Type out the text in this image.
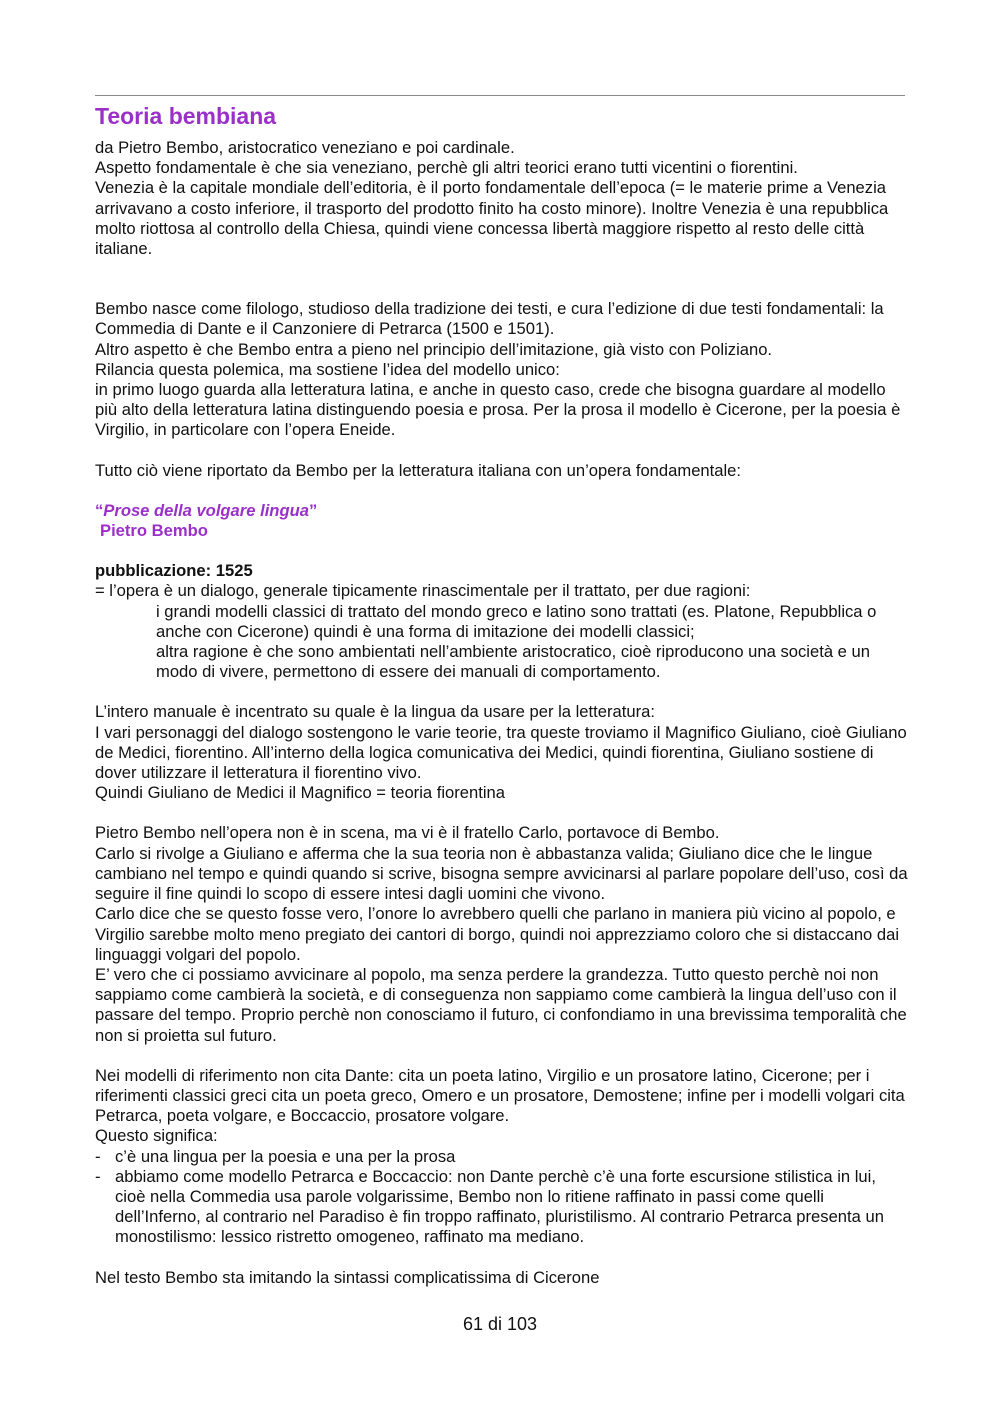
Teoria bembiana

da Pietro Bembo, aristocratico veneziano e poi cardinale.

Aspetto fondamentale è che sia veneziano, perchè gli altri teorici erano tutti vicentini o fiorentini.

Venezia è la capitale mondiale dell’editoria, è il porto fondamentale dell’epoca (= le materie prime a Venezia arrivavano a costo inferiore, il trasporto del prodotto finito ha costo minore). Inoltre Venezia è una repubblica molto riottosa al controllo della Chiesa, quindi viene concessa libertà maggiore rispetto al resto delle città italiane.

Bembo nasce come filologo, studioso della tradizione dei testi, e cura l’edizione di due testi fondamentali: la Commedia di Dante e il Canzoniere di Petrarca (1500 e 1501).

Altro aspetto è che Bembo entra a pieno nel principio dell’imitazione, già visto con Poliziano.

Rilancia questa polemica, ma sostiene l’idea del modello unico:

in primo luogo guarda alla letteratura latina, e anche in questo caso, crede che bisogna guardare al modello più alto della letteratura latina distinguendo poesia e prosa. Per la prosa il modello è Cicerone, per la poesia è Virgilio, in particolare con l’opera Eneide.

Tutto ciò viene riportato da Bembo per la letteratura italiana con un’opera fondamentale:

“Prose della volgare lingua”

Pietro Bembo

pubblicazione: 1525

= l’opera è un dialogo, generale tipicamente rinascimentale per il trattato, per due ragioni:

i grandi modelli classici di trattato del mondo greco e latino sono trattati (es. Platone, Repubblica o anche con Cicerone) quindi è una forma di imitazione dei modelli classici;

altra ragione è che sono ambientati nell’ambiente aristocratico, cioè riproducono una società e un modo di vivere, permettono di essere dei manuali di comportamento.

L’intero manuale è incentrato su quale è la lingua da usare per la letteratura:

I vari personaggi del dialogo sostengono le varie teorie, tra queste troviamo il Magnifico Giuliano, cioè Giuliano de Medici, fiorentino. All’interno della logica comunicativa dei Medici, quindi fiorentina, Giuliano sostiene di dover utilizzare il letteratura il fiorentino vivo.

Quindi Giuliano de Medici il Magnifico = teoria fiorentina

Pietro Bembo nell’opera non è in scena, ma vi è il fratello Carlo, portavoce di Bembo.

Carlo si rivolge a Giuliano e afferma che la sua teoria non è abbastanza valida; Giuliano dice che le lingue cambiano nel tempo e quindi quando si scrive, bisogna sempre avvicinarsi al parlare popolare dell’uso, così da seguire il fine quindi lo scopo di essere intesi dagli uomini che vivono.

Carlo dice che se questo fosse vero, l’onore lo avrebbero quelli che parlano in maniera più vicino al popolo, e Virgilio sarebbe molto meno pregiato dei cantori di borgo, quindi noi apprezziamo coloro che si distaccano dai linguaggi volgari del popolo.

E’ vero che ci possiamo avvicinare al popolo, ma senza perdere la grandezza. Tutto questo perchè noi non sappiamo come cambierà la società, e di conseguenza non sappiamo come cambierà la lingua dell’uso con il passare del tempo. Proprio perchè non conosciamo il futuro, ci confondiamo in una brevissima temporalità che non si proietta sul futuro.

Nei modelli di riferimento non cita Dante: cita un poeta latino, Virgilio e un prosatore latino, Cicerone; per i riferimenti classici greci cita un poeta greco, Omero e un prosatore, Demostene; infine per i modelli volgari cita Petrarca, poeta volgare, e Boccaccio, prosatore volgare.

Questo significa:

- c’è una lingua per la poesia e una per la prosa
- abbiamo come modello Petrarca e Boccaccio: non Dante perchè c’è una forte escursione stilistica in lui, cioè nella Commedia usa parole volgarissime, Bembo non lo ritiene raffinato in passi come quelli dell’Inferno, al contrario nel Paradiso è fin troppo raffinato, pluristilismo. Al contrario Petrarca presenta un monostilismo: lessico ristretto omogeneo, raffinato ma mediano.

Nel testo Bembo sta imitando la sintassi complicatissima di Cicerone

61 di 103
